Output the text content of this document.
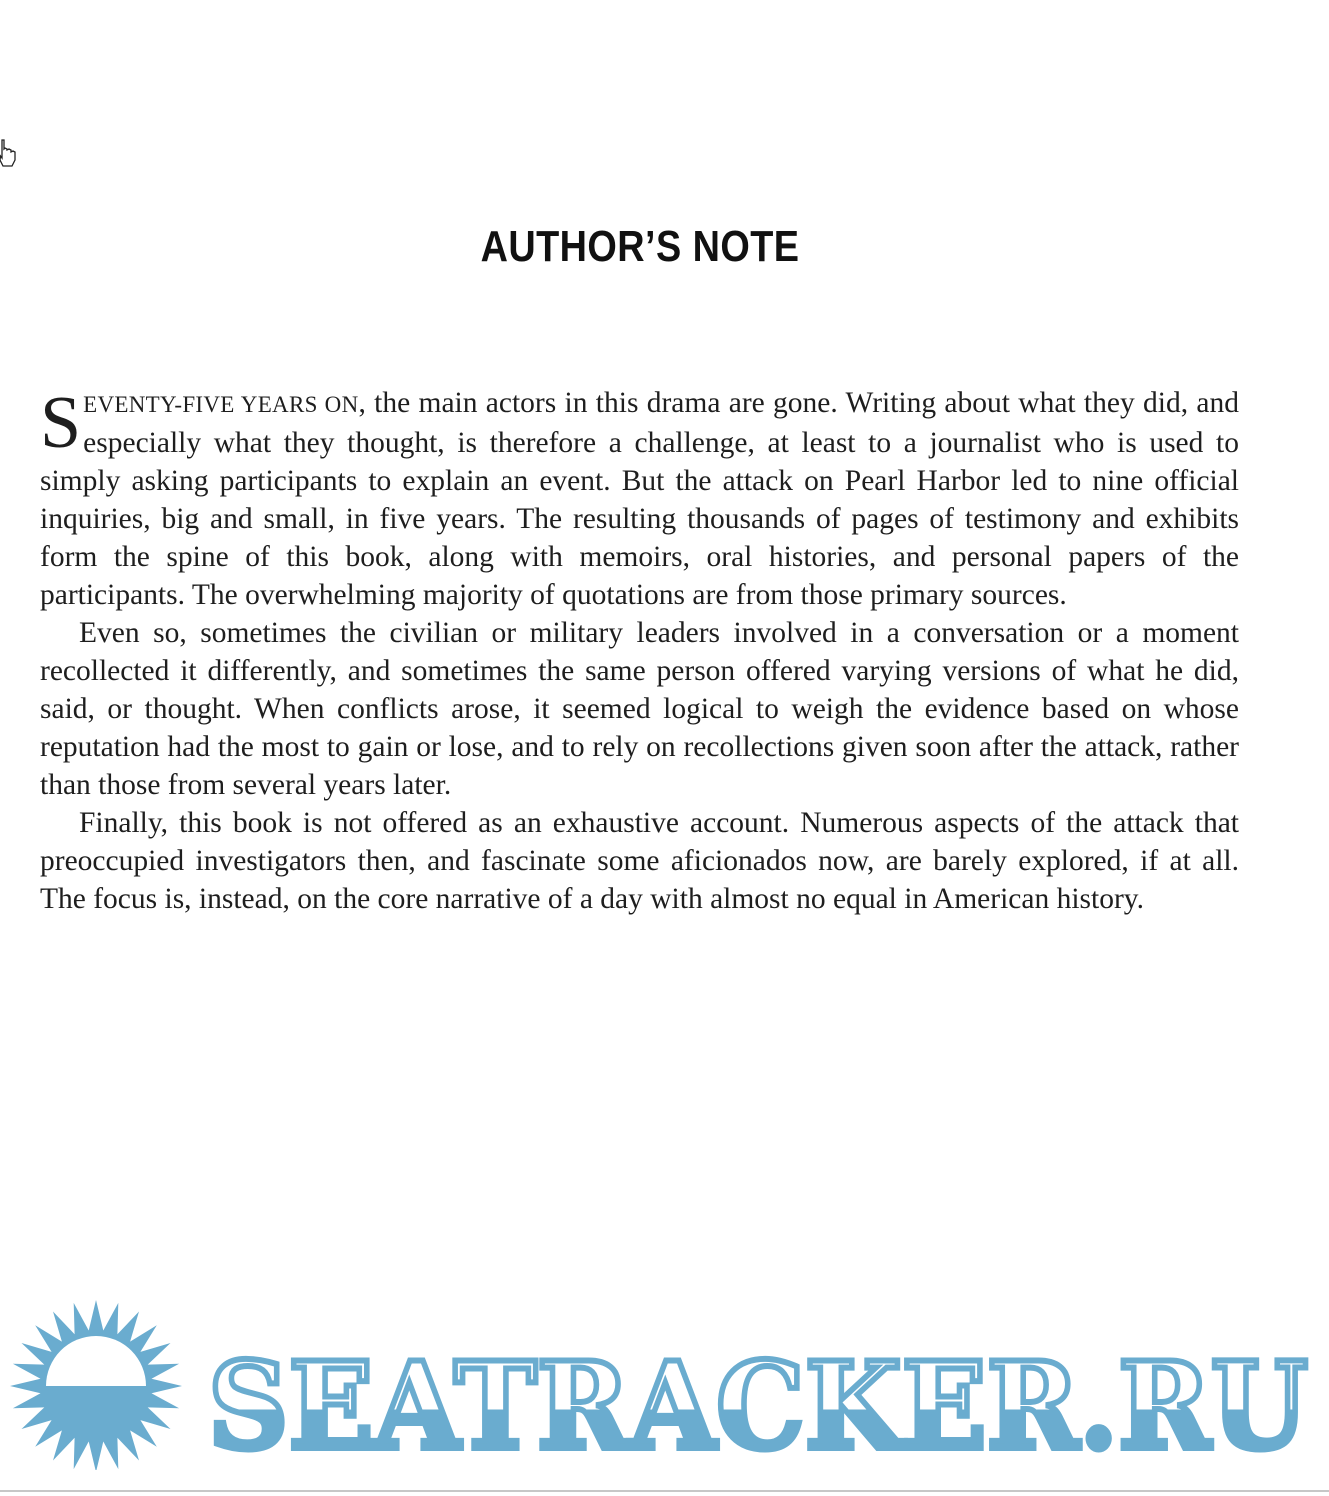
AUTHOR’S NOTE

SEVENTY-FIVE YEARS ON, the main actors in this drama are gone. Writing about what they did, and especially what they thought, is therefore a challenge, at least to a journalist who is used to simply asking participants to explain an event. But the attack on Pearl Harbor led to nine official inquiries, big and small, in five years. The resulting thousands of pages of testimony and exhibits form the spine of this book, along with memoirs, oral histories, and personal papers of the participants. The overwhelming majority of quotations are from those primary sources.

Even so, sometimes the civilian or military leaders involved in a conversation or a moment recollected it differently, and sometimes the same person offered varying versions of what he did, said, or thought. When conflicts arose, it seemed logical to weigh the evidence based on whose reputation had the most to gain or lose, and to rely on recollections given soon after the attack, rather than those from several years later.

Finally, this book is not offered as an exhaustive account. Numerous aspects of the attack that preoccupied investigators then, and fascinate some aficionados now, are barely explored, if at all. The focus is, instead, on the core narrative of a day with almost no equal in American history.

SEATRACKER.RU
